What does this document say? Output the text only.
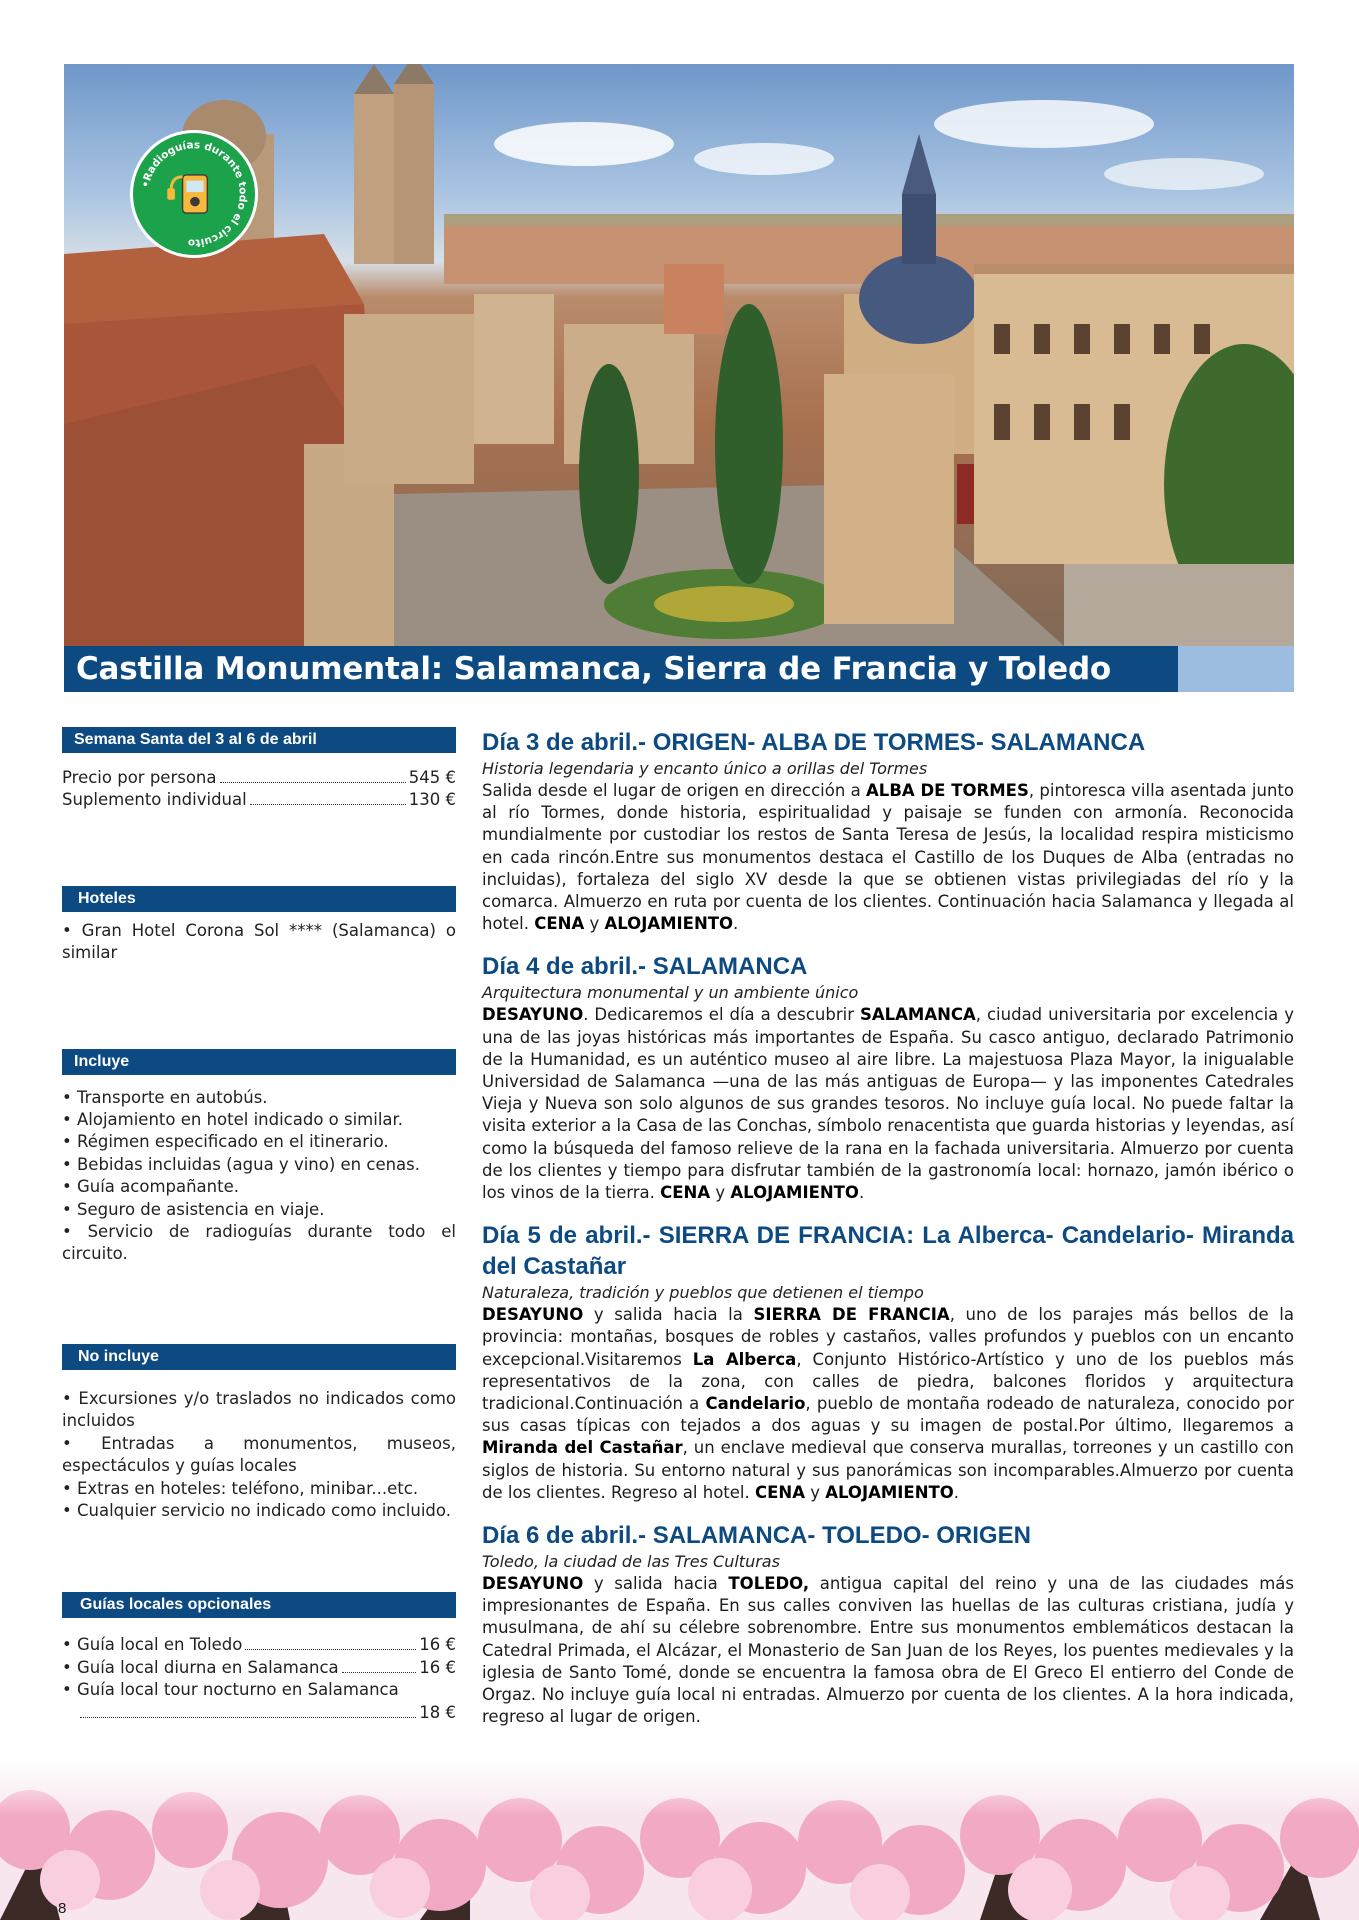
•Radioguías durante todo el circuito
Castilla Monumental: Salamanca, Sierra de Francia y Toledo
Semana Santa del 3 al 6 de abril
Precio por persona	545 €
Suplemento individual	130 €
Hoteles
• Gran Hotel Corona Sol **** (Salamanca) o similar
Incluye
• Transporte en autobús.
• Alojamiento en hotel indicado o similar.
• Régimen especificado en el itinerario.
• Bebidas incluidas (agua y vino) en cenas.
• Guía acompañante.
• Seguro de asistencia en viaje.
• Servicio de radioguías durante todo el circuito.
No incluye
• Excursiones y/o traslados no indicados como incluidos
• Entradas a monumentos, museos, espectáculos y guías locales
• Extras en hoteles: teléfono, minibar...etc.
• Cualquier servicio no indicado como incluido.
Guías locales opcionales
• Guía local en Toledo	16 €
• Guía local diurna en Salamanca	16 €
• Guía local tour nocturno en Salamanca
18 €
Día 3 de abril.- ORIGEN- ALBA DE TORMES- SALAMANCA
Historia legendaria y encanto único a orillas del Tormes

Salida desde el lugar de origen en dirección a ALBA DE TORMES, pintoresca villa asentada junto al río Tormes, donde historia, espiritualidad y paisaje se funden con armonía. Reconocida mundialmente por custodiar los restos de Santa Teresa de Jesús, la localidad respira misticismo en cada rincón.Entre sus monumentos destaca el Castillo de los Duques de Alba (entradas no incluidas), fortaleza del siglo XV desde la que se obtienen vistas privilegiadas del río y la comarca. Almuerzo en ruta por cuenta de los clientes. Continuación hacia Salamanca y llegada al hotel. CENA y ALOJAMIENTO.

Día 4 de abril.- SALAMANCA
Arquitectura monumental y un ambiente único

DESAYUNO. Dedicaremos el día a descubrir SALAMANCA, ciudad universitaria por excelencia y una de las joyas históricas más importantes de España. Su casco antiguo, declarado Patrimonio de la Humanidad, es un auténtico museo al aire libre. La majestuosa Plaza Mayor, la inigualable Universidad de Salamanca —una de las más antiguas de Europa— y las imponentes Catedrales Vieja y Nueva son solo algunos de sus grandes tesoros. No incluye guía local. No puede faltar la visita exterior a la Casa de las Conchas, símbolo renacentista que guarda historias y leyendas, así como la búsqueda del famoso relieve de la rana en la fachada universitaria. Almuerzo por cuenta de los clientes y tiempo para disfrutar también de la gastronomía local: hornazo, jamón ibérico o los vinos de la tierra. CENA y ALOJAMIENTO.

Día 5 de abril.- SIERRA DE FRANCIA: La Alberca- Candelario- Miranda del Castañar
Naturaleza, tradición y pueblos que detienen el tiempo

DESAYUNO y salida hacia la SIERRA DE FRANCIA, uno de los parajes más bellos de la provincia: montañas, bosques de robles y castaños, valles profundos y pueblos con un encanto excepcional.Visitaremos La Alberca, Conjunto Histórico-Artístico y uno de los pueblos más representativos de la zona, con calles de piedra, balcones floridos y arquitectura tradicional.Continuación a Candelario, pueblo de montaña rodeado de naturaleza, conocido por sus casas típicas con tejados a dos aguas y su imagen de postal.Por último, llegaremos a Miranda del Castañar, un enclave medieval que conserva murallas, torreones y un castillo con siglos de historia. Su entorno natural y sus panorámicas son incomparables.Almuerzo por cuenta de los clientes. Regreso al hotel. CENA y ALOJAMIENTO.

Día 6 de abril.- SALAMANCA- TOLEDO- ORIGEN
Toledo, la ciudad de las Tres Culturas

DESAYUNO y salida hacia TOLEDO, antigua capital del reino y una de las ciudades más impresionantes de España. En sus calles conviven las huellas de las culturas cristiana, judía y musulmana, de ahí su célebre sobrenombre. Entre sus monumentos emblemáticos destacan la Catedral Primada, el Alcázar, el Monasterio de San Juan de los Reyes, los puentes medievales y la iglesia de Santo Tomé, donde se encuentra la famosa obra de El Greco El entierro del Conde de Orgaz. No incluye guía local ni entradas. Almuerzo por cuenta de los clientes. A la hora indicada, regreso al lugar de origen.

8
